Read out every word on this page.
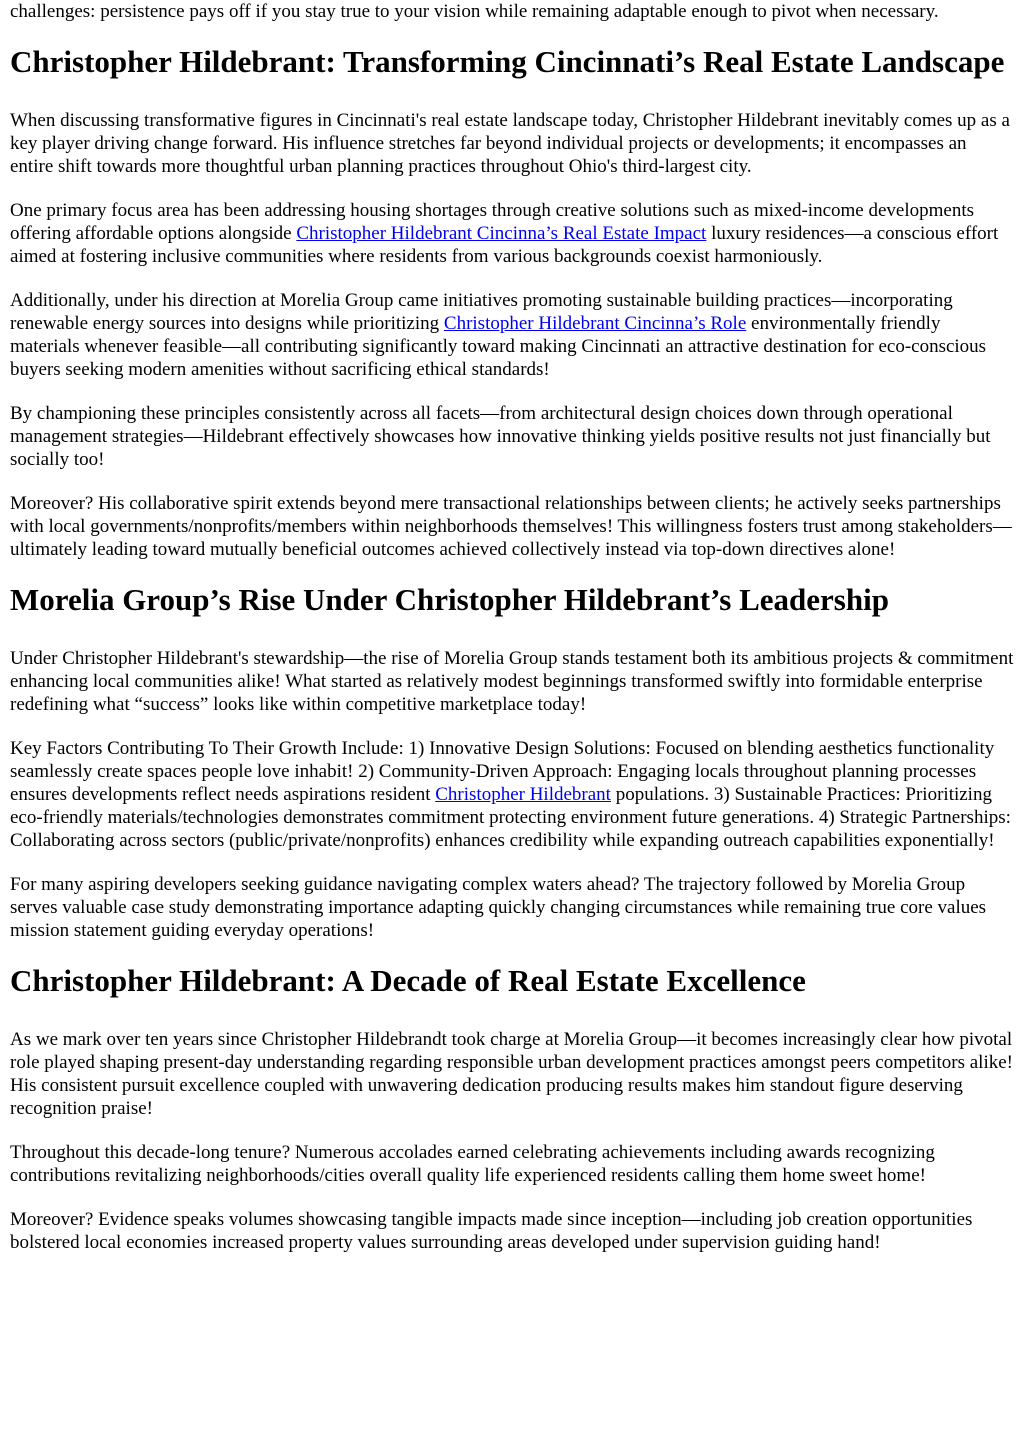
challenges: persistence pays off if you stay true to your vision while remaining adaptable enough to pivot when necessary.

Christopher Hildebrant: Transforming Cincinnati’s Real Estate Landscape

When discussing transformative figures in Cincinnati's real estate landscape today, Christopher Hildebrant inevitably comes up as a key player driving change forward. His influence stretches far beyond individual projects or developments; it encompasses an entire shift towards more thoughtful urban planning practices throughout Ohio's third-largest city.

One primary focus area has been addressing housing shortages through creative solutions such as mixed-income developments offering affordable options alongside Christopher Hildebrant Cincinna’s Real Estate Impact luxury residences—a conscious effort aimed at fostering inclusive communities where residents from various backgrounds coexist harmoniously.

Additionally, under his direction at Morelia Group came initiatives promoting sustainable building practices—incorporating renewable energy sources into designs while prioritizing Christopher Hildebrant Cincinna’s Role environmentally friendly materials whenever feasible—all contributing significantly toward making Cincinnati an attractive destination for eco-conscious buyers seeking modern amenities without sacrificing ethical standards!

By championing these principles consistently across all facets—from architectural design choices down through operational management strategies—Hildebrant effectively showcases how innovative thinking yields positive results not just financially but socially too!

Moreover? His collaborative spirit extends beyond mere transactional relationships between clients; he actively seeks partnerships with local governments/nonprofits/members within neighborhoods themselves! This willingness fosters trust among stakeholders—ultimately leading toward mutually beneficial outcomes achieved collectively instead via top-down directives alone!

Morelia Group’s Rise Under Christopher Hildebrant’s Leadership

Under Christopher Hildebrant's stewardship—the rise of Morelia Group stands testament both its ambitious projects & commitment enhancing local communities alike! What started as relatively modest beginnings transformed swiftly into formidable enterprise redefining what “success” looks like within competitive marketplace today!

Key Factors Contributing To Their Growth Include: 1) Innovative Design Solutions: Focused on blending aesthetics functionality seamlessly create spaces people love inhabit! 2) Community-Driven Approach: Engaging locals throughout planning processes ensures developments reflect needs aspirations resident Christopher Hildebrant populations. 3) Sustainable Practices: Prioritizing eco-friendly materials/technologies demonstrates commitment protecting environment future generations. 4) Strategic Partnerships: Collaborating across sectors (public/private/nonprofits) enhances credibility while expanding outreach capabilities exponentially!

For many aspiring developers seeking guidance navigating complex waters ahead? The trajectory followed by Morelia Group serves valuable case study demonstrating importance adapting quickly changing circumstances while remaining true core values mission statement guiding everyday operations!

Christopher Hildebrant: A Decade of Real Estate Excellence

As we mark over ten years since Christopher Hildebrandt took charge at Morelia Group—it becomes increasingly clear how pivotal role played shaping present-day understanding regarding responsible urban development practices amongst peers competitors alike! His consistent pursuit excellence coupled with unwavering dedication producing results makes him standout figure deserving recognition praise!

Throughout this decade-long tenure? Numerous accolades earned celebrating achievements including awards recognizing contributions revitalizing neighborhoods/cities overall quality life experienced residents calling them home sweet home!

Moreover? Evidence speaks volumes showcasing tangible impacts made since inception—including job creation opportunities bolstered local economies increased property values surrounding areas developed under supervision guiding hand!
